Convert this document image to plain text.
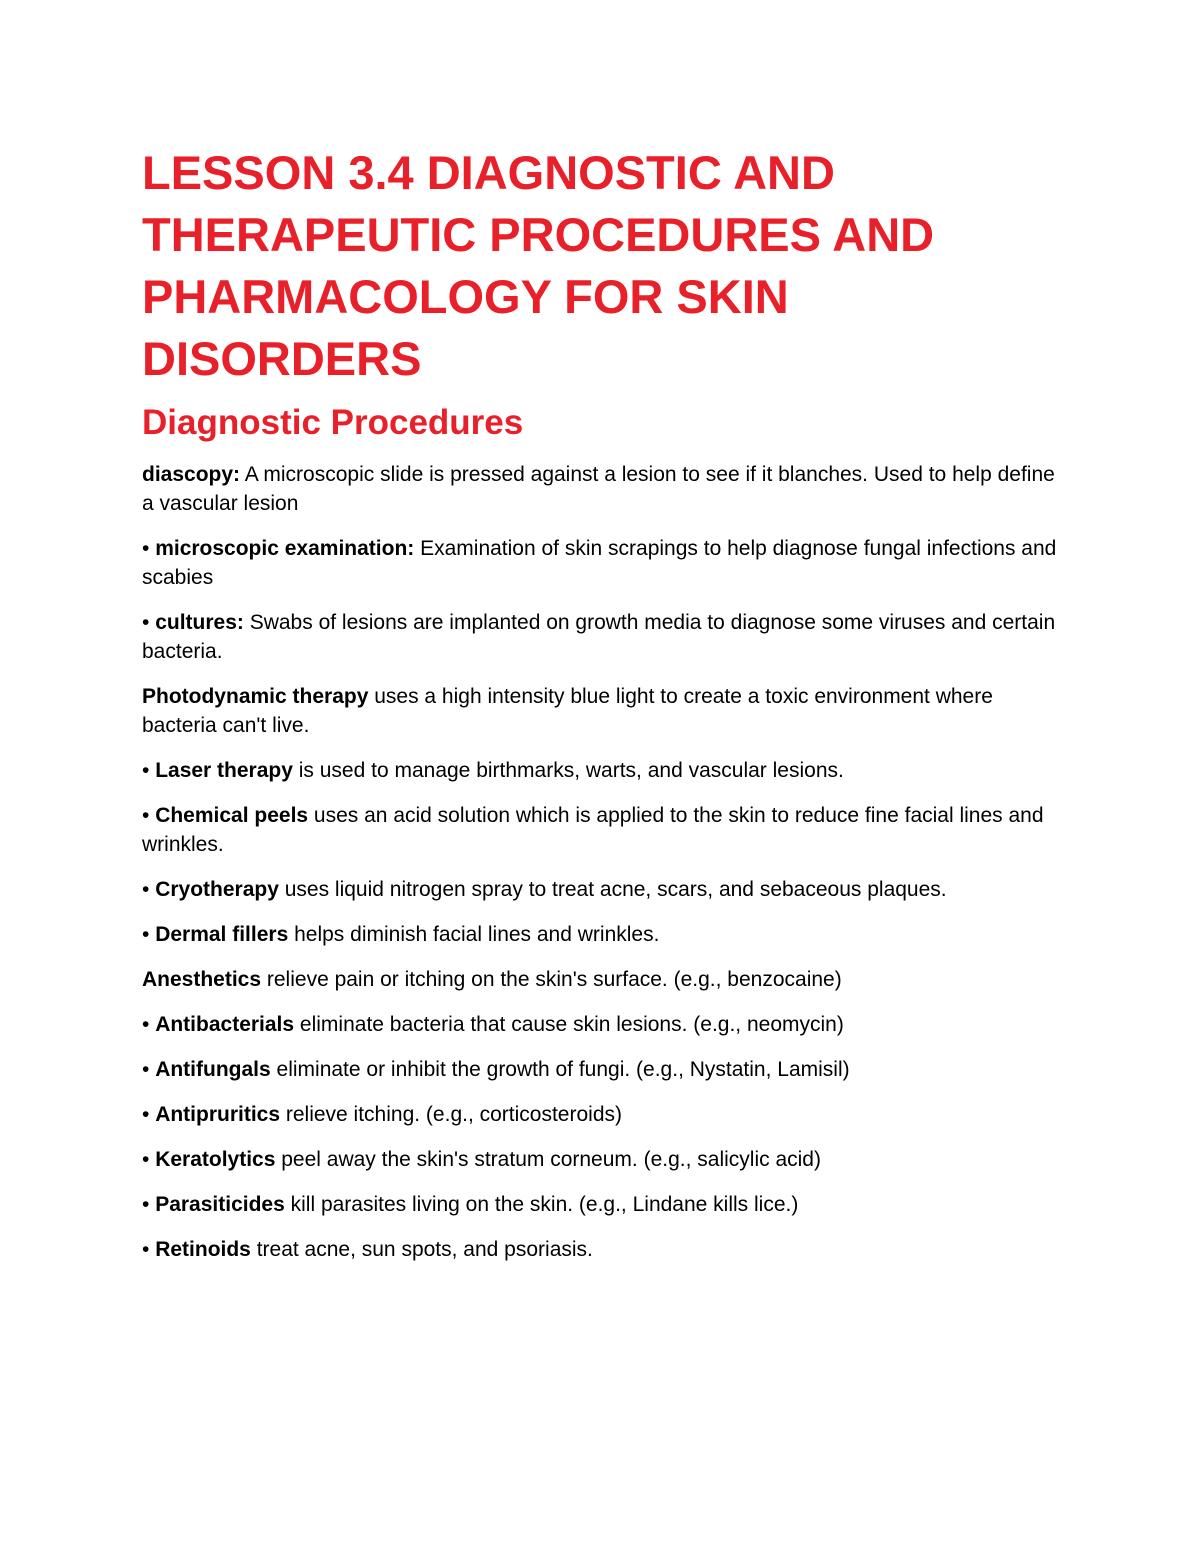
LESSON 3.4 DIAGNOSTIC AND THERAPEUTIC PROCEDURES AND PHARMACOLOGY FOR SKIN DISORDERS
Diagnostic Procedures

diascopy: A microscopic slide is pressed against a lesion to see if it blanches. Used to help define a vascular lesion

• microscopic examination: Examination of skin scrapings to help diagnose fungal infections and scabies

• cultures: Swabs of lesions are implanted on growth media to diagnose some viruses and certain bacteria.

Photodynamic therapy uses a high intensity blue light to create a toxic environment where bacteria can't live.

• Laser therapy is used to manage birthmarks, warts, and vascular lesions.

• Chemical peels uses an acid solution which is applied to the skin to reduce fine facial lines and wrinkles.

• Cryotherapy uses liquid nitrogen spray to treat acne, scars, and sebaceous plaques.

• Dermal fillers helps diminish facial lines and wrinkles.

Anesthetics relieve pain or itching on the skin's surface. (e.g., benzocaine)

• Antibacterials eliminate bacteria that cause skin lesions. (e.g., neomycin)

• Antifungals eliminate or inhibit the growth of fungi. (e.g., Nystatin, Lamisil)

• Antipruritics relieve itching. (e.g., corticosteroids)

• Keratolytics peel away the skin's stratum corneum. (e.g., salicylic acid)

• Parasiticides kill parasites living on the skin. (e.g., Lindane kills lice.)

• Retinoids treat acne, sun spots, and psoriasis.
